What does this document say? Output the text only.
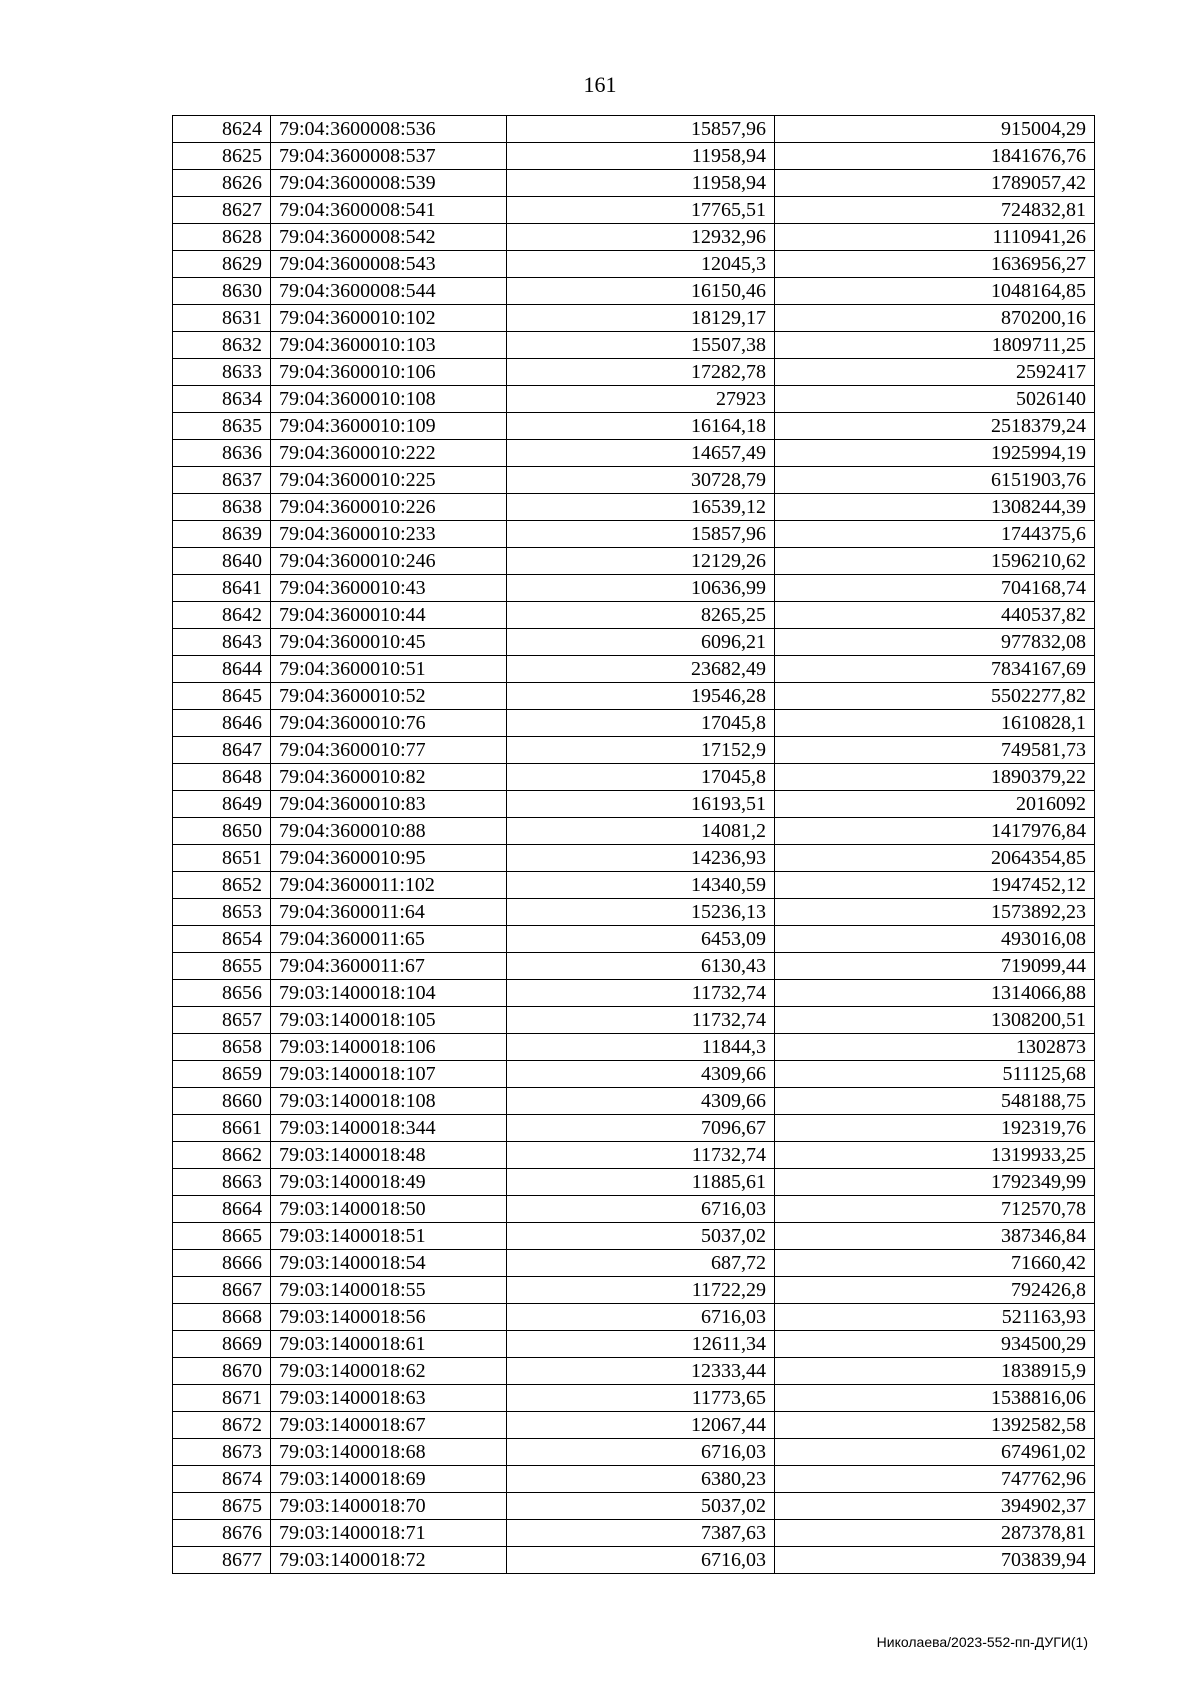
161
8624	79:04:3600008:536	15857,96	915004,29
8625	79:04:3600008:537	11958,94	1841676,76
8626	79:04:3600008:539	11958,94	1789057,42
8627	79:04:3600008:541	17765,51	724832,81
8628	79:04:3600008:542	12932,96	1110941,26
8629	79:04:3600008:543	12045,3	1636956,27
8630	79:04:3600008:544	16150,46	1048164,85
8631	79:04:3600010:102	18129,17	870200,16
8632	79:04:3600010:103	15507,38	1809711,25
8633	79:04:3600010:106	17282,78	2592417
8634	79:04:3600010:108	27923	5026140
8635	79:04:3600010:109	16164,18	2518379,24
8636	79:04:3600010:222	14657,49	1925994,19
8637	79:04:3600010:225	30728,79	6151903,76
8638	79:04:3600010:226	16539,12	1308244,39
8639	79:04:3600010:233	15857,96	1744375,6
8640	79:04:3600010:246	12129,26	1596210,62
8641	79:04:3600010:43	10636,99	704168,74
8642	79:04:3600010:44	8265,25	440537,82
8643	79:04:3600010:45	6096,21	977832,08
8644	79:04:3600010:51	23682,49	7834167,69
8645	79:04:3600010:52	19546,28	5502277,82
8646	79:04:3600010:76	17045,8	1610828,1
8647	79:04:3600010:77	17152,9	749581,73
8648	79:04:3600010:82	17045,8	1890379,22
8649	79:04:3600010:83	16193,51	2016092
8650	79:04:3600010:88	14081,2	1417976,84
8651	79:04:3600010:95	14236,93	2064354,85
8652	79:04:3600011:102	14340,59	1947452,12
8653	79:04:3600011:64	15236,13	1573892,23
8654	79:04:3600011:65	6453,09	493016,08
8655	79:04:3600011:67	6130,43	719099,44
8656	79:03:1400018:104	11732,74	1314066,88
8657	79:03:1400018:105	11732,74	1308200,51
8658	79:03:1400018:106	11844,3	1302873
8659	79:03:1400018:107	4309,66	511125,68
8660	79:03:1400018:108	4309,66	548188,75
8661	79:03:1400018:344	7096,67	192319,76
8662	79:03:1400018:48	11732,74	1319933,25
8663	79:03:1400018:49	11885,61	1792349,99
8664	79:03:1400018:50	6716,03	712570,78
8665	79:03:1400018:51	5037,02	387346,84
8666	79:03:1400018:54	687,72	71660,42
8667	79:03:1400018:55	11722,29	792426,8
8668	79:03:1400018:56	6716,03	521163,93
8669	79:03:1400018:61	12611,34	934500,29
8670	79:03:1400018:62	12333,44	1838915,9
8671	79:03:1400018:63	11773,65	1538816,06
8672	79:03:1400018:67	12067,44	1392582,58
8673	79:03:1400018:68	6716,03	674961,02
8674	79:03:1400018:69	6380,23	747762,96
8675	79:03:1400018:70	5037,02	394902,37
8676	79:03:1400018:71	7387,63	287378,81
8677	79:03:1400018:72	6716,03	703839,94
Николаева/2023-552-пп-ДУГИ(1)
